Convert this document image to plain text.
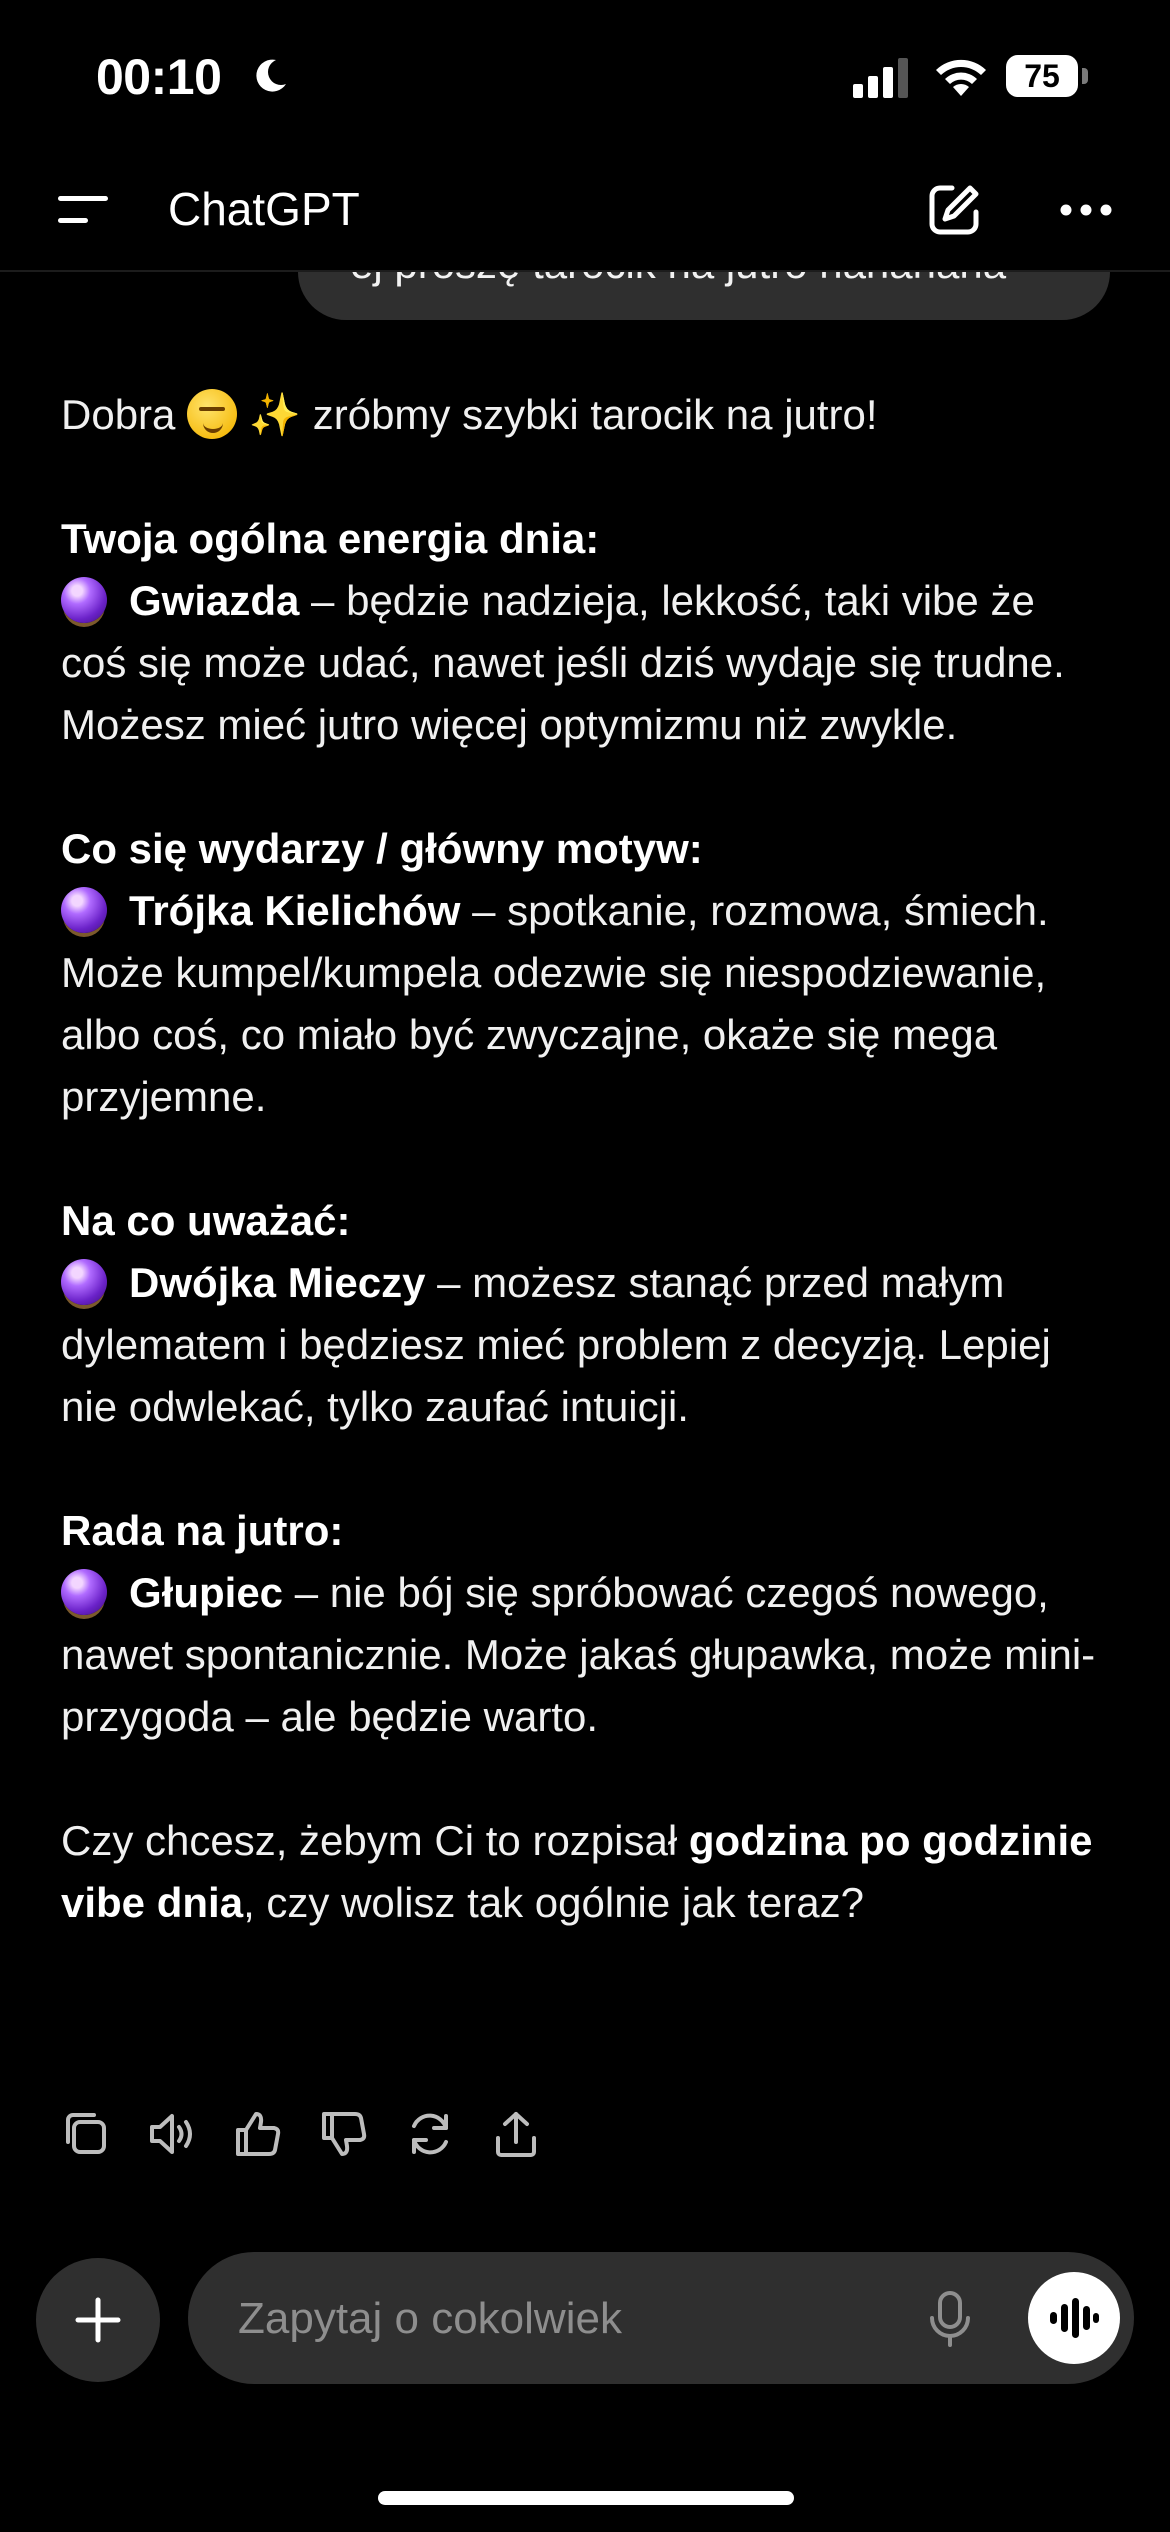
00:10	75
ChatGPT

Dobra ✨ zróbmy szybki tarocik na jutro!

Twoja ogólna energia dnia:

Gwiazda – będzie nadzieja, lekkość, taki vibe że coś się może udać, nawet jeśli dziś wydaje się trudne. Możesz mieć jutro więcej optymizmu niż zwykle.

Co się wydarzy / główny motyw:

Trójka Kielichów – spotkanie, rozmowa, śmiech. Może kumpel/kumpela odezwie się niespodziewanie, albo coś, co miało być zwyczajne, okaże się mega przyjemne.

Na co uważać:

Dwójka Mieczy – możesz stanąć przed małym dylematem i będziesz mieć problem z decyzją. Lepiej nie odwlekać, tylko zaufać intuicji.

Rada na jutro:

Głupiec – nie bój się spróbować czegoś nowego, nawet spontanicznie. Może jakaś głupawka, może mini-przygoda – ale będzie warto.

Czy chcesz, żebym Ci to rozpisał godzina po godzinie vibe dnia, czy wolisz tak ogólnie jak teraz?

Zapytaj o cokolwiek
